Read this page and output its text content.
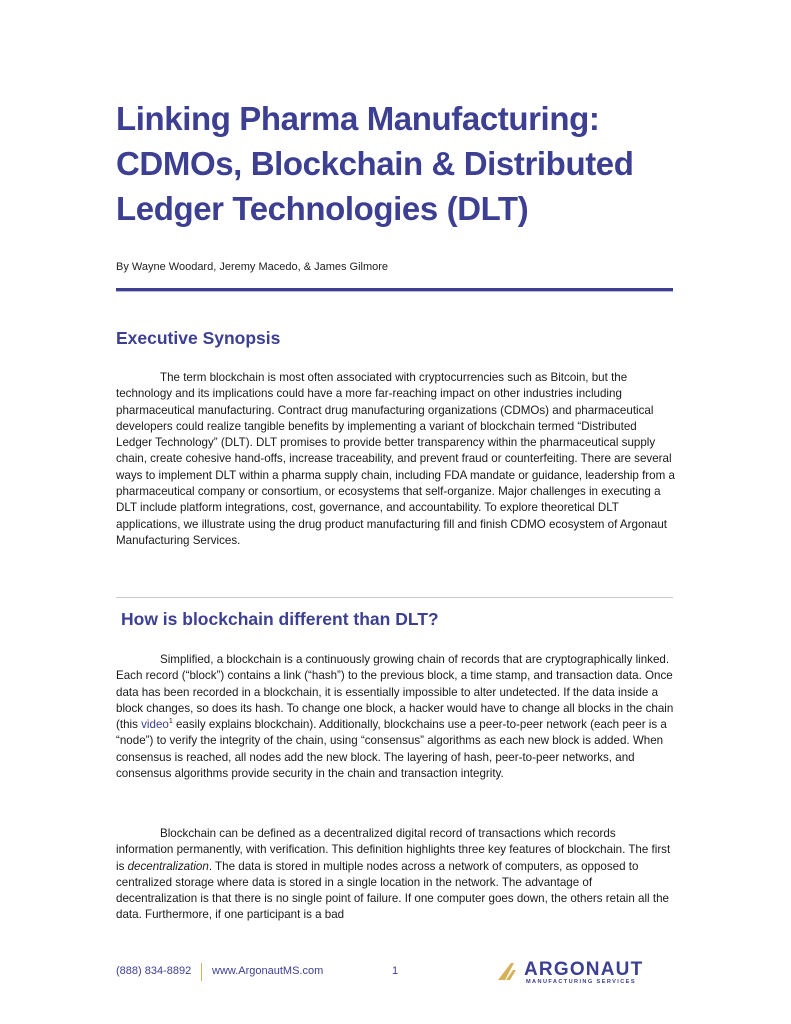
Linking Pharma Manufacturing:
CDMOs, Blockchain & Distributed
Ledger Technologies (DLT)

By Wayne Woodard, Jeremy Macedo, & James Gilmore

Executive Synopsis

The term blockchain is most often associated with cryptocurrencies such as Bitcoin, but the technology and its implications could have a more far-reaching impact on other industries including pharmaceutical manufacturing. Contract drug manufacturing organizations (CDMOs) and pharmaceutical developers could realize tangible benefits by implementing a variant of blockchain termed “Distributed Ledger Technology” (DLT). DLT promises to provide better transparency within the pharmaceutical supply chain, create cohesive hand-offs, increase traceability, and prevent fraud or counterfeiting. There are several ways to implement DLT within a pharma supply chain, including FDA mandate or guidance, leadership from a pharmaceutical company or consortium, or ecosystems that self-organize. Major challenges in executing a DLT include platform integrations, cost, governance, and accountability. To explore theoretical DLT applications, we illustrate using the drug product manufacturing fill and finish CDMO ecosystem of Argonaut Manufacturing Services.

How is blockchain different than DLT?

Simplified, a blockchain is a continuously growing chain of records that are cryptographically linked. Each record (“block”) contains a link (“hash”) to the previous block, a time stamp, and transaction data. Once data has been recorded in a blockchain, it is essentially impossible to alter undetected. If the data inside a block changes, so does its hash. To change one block, a hacker would have to change all blocks in the chain (this video$^1$ easily explains blockchain). Additionally, blockchains use a peer-to-peer network (each peer is a “node”) to verify the integrity of the chain, using “consensus” algorithms as each new block is added. When consensus is reached, all nodes add the new block. The layering of hash, peer-to-peer networks, and consensus algorithms provide security in the chain and transaction integrity.

Blockchain can be defined as a decentralized digital record of transactions which records information permanently, with verification. This definition highlights three key features of blockchain. The first is decentralization. The data is stored in multiple nodes across a network of computers, as opposed to centralized storage where data is stored in a single location in the network. The advantage of decentralization is that there is no single point of failure. If one computer goes down, the others retain all the data. Furthermore, if one participant is a bad

(888) 834-8892 www.ArgonautMS.com	1	ARGONAUT
MANUFACTURING SERVICES
